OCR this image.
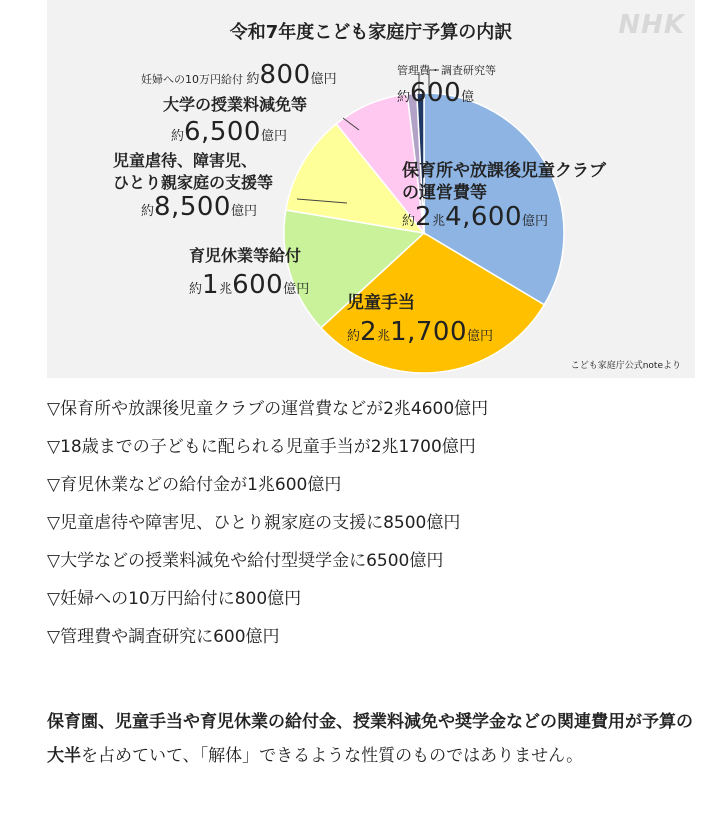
令和7年度こども家庭庁予算の内訳	NHK
保育所や放課後児童クラブ
の運営費等
約2兆4,600億円
児童手当
約2兆1,700億円
育児休業等給付
約1兆600億円
児童虐待、障害児、
ひとり親家庭の支援等
約8,500億円
大学の授業料減免等
約6,500億円
妊婦への10万円給付 約800億円
管理費・調査研究等
約600億
こども家庭庁公式noteより
▽保育所や放課後児童クラブの運営費などが2兆4600億円
▽18歳までの子どもに配られる児童手当が2兆1700億円
▽育児休業などの給付金が1兆600億円
▽児童虐待や障害児、ひとり親家庭の支援に8500億円
▽大学などの授業料減免や給付型奨学金に6500億円
▽妊婦への10万円給付に800億円
▽管理費や調査研究に600億円

保育園、児童手当や育児休業の給付金、授業料減免や奨学金などの関連費用が予算の大半を占めていて、「解体」できるような性質のものではありません。
